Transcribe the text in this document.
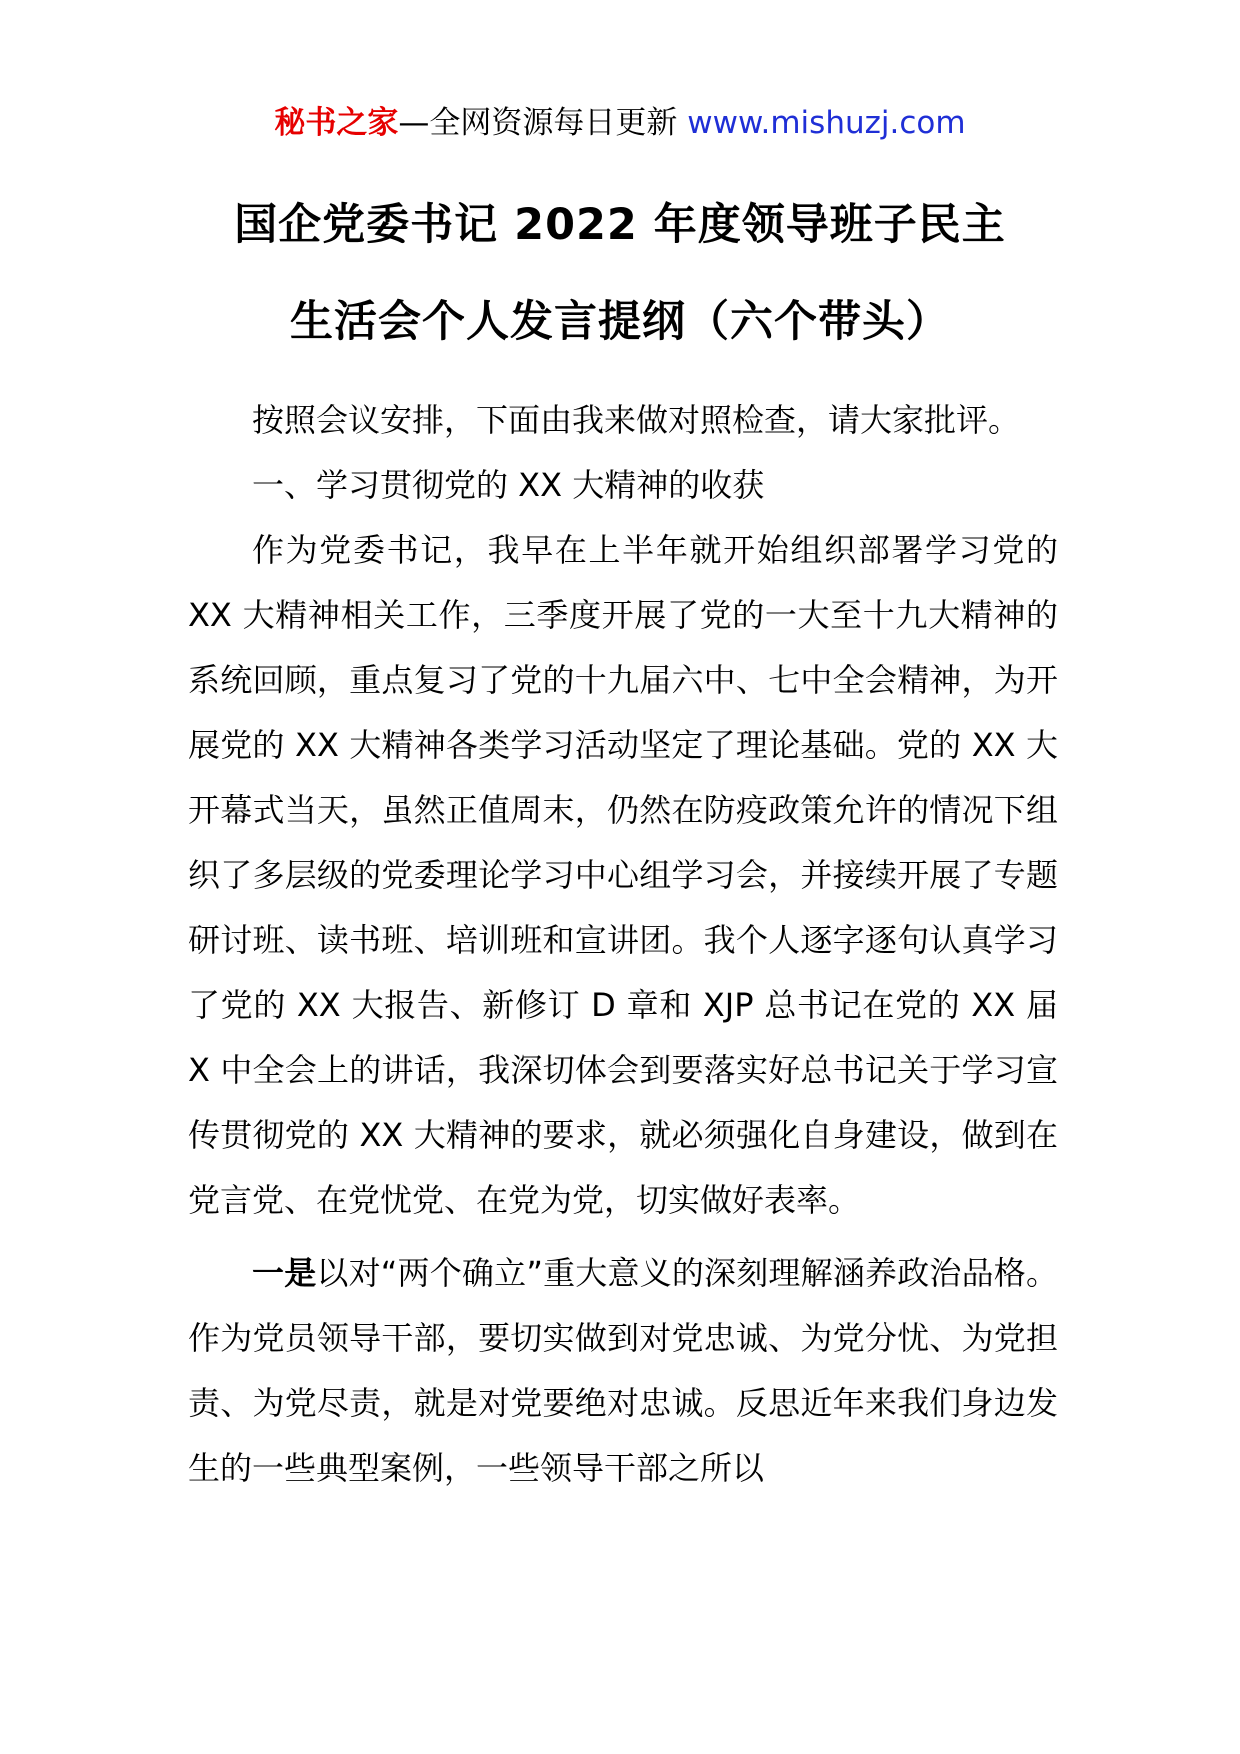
秘书之家—全网资源每日更新 www.mishuzj.com
国企党委书记 2022 年度领导班子民主
生活会个人发言提纲（六个带头）

按照会议安排，下面由我来做对照检查，请大家批评。

一、学习贯彻党的 XX 大精神的收获

作为党委书记，我早在上半年就开始组织部署学习党的 XX 大精神相关工作，三季度开展了党的一大至十九大精神的系统回顾，重点复习了党的十九届六中、七中全会精神，为开展党的 XX 大精神各类学习活动坚定了理论基础。党的 XX 大开幕式当天，虽然正值周末，仍然在防疫政策允许的情况下组织了多层级的党委理论学习中心组学习会，并接续开展了专题研讨班、读书班、培训班和宣讲团。我个人逐字逐句认真学习了党的 XX 大报告、新修订 D 章和 XJP 总书记在党的 XX 届 X 中全会上的讲话，我深切体会到要落实好总书记关于学习宣传贯彻党的 XX 大精神的要求，就必须强化自身建设，做到在党言党、在党忧党、在党为党，切实做好表率。

一是以对“两个确立”重大意义的深刻理解涵养政治品格。作为党员领导干部，要切实做到对党忠诚、为党分忧、为党担责、为党尽责，就是对党要绝对忠诚。反思近年来我们身边发生的一些典型案例，一些领导干部之所以
